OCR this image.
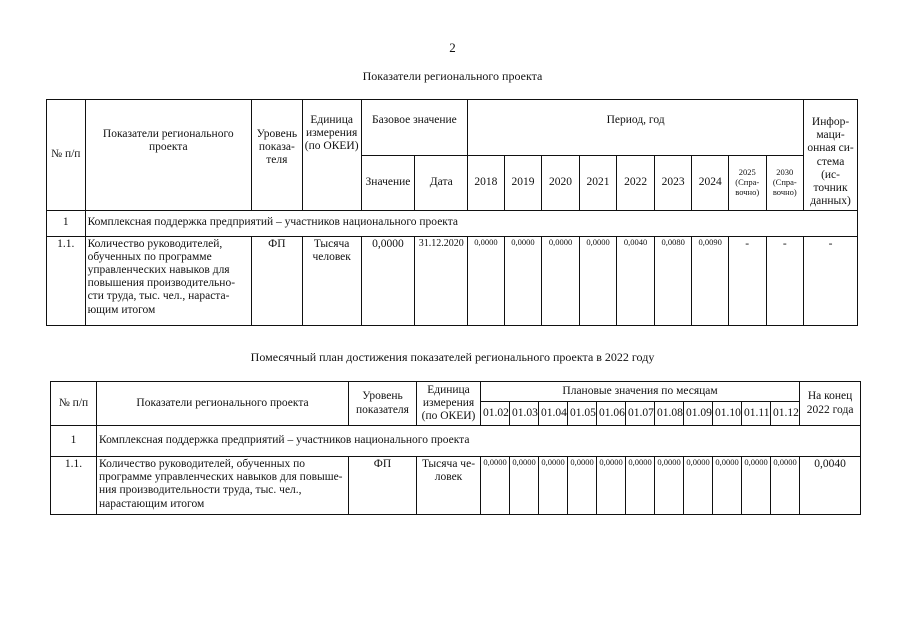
2
Показатели регионального проекта
№ п/п	Показатели регионального проекта	Уровень показа-теля	Единица измерения (по ОКЕИ)	Базовое значение		Период, год									Инфор-маци-онная си-стема (ис-точник данных)
				Значение	Дата	2018	2019	2020	2021	2022	2023	2024	2025 (Спра-вочно)	2030 (Спра-вочно)	
1	Комплексная поддержка предприятий – участников национального проекта														
1.1.	Количество руководителей, обученных по программе управленческих навыков для повышения производительно-сти труда, тыс. чел., нараста-ющим итогом	ФП	Тысяча человек	0,0000	31.12.2020	0,0000	0,0000	0,0000	0,0000	0,0040	0,0080	0,0090	-	-	-
Помесячный план достижения показателей регионального проекта в 2022 году
№ п/п	Показатели регионального проекта	Уровень показателя	Единица измерения (по ОКЕИ)	Плановые значения по месяцам											На конец 2022 года
				01.02	01.03	01.04	01.05	01.06	01.07	01.08	01.09	01.10	01.11	01.12	
1	Комплексная поддержка предприятий – участников национального проекта														
1.1.	Количество руководителей, обученных по программе управленческих навыков для повыше-ния производительности труда, тыс. чел., нарастающим итогом	ФП	Тысяча че-ловек	0,0000	0,0000	0,0000	0,0000	0,0000	0,0000	0,0000	0,0000	0,0000	0,0000	0,0000	0,0040
